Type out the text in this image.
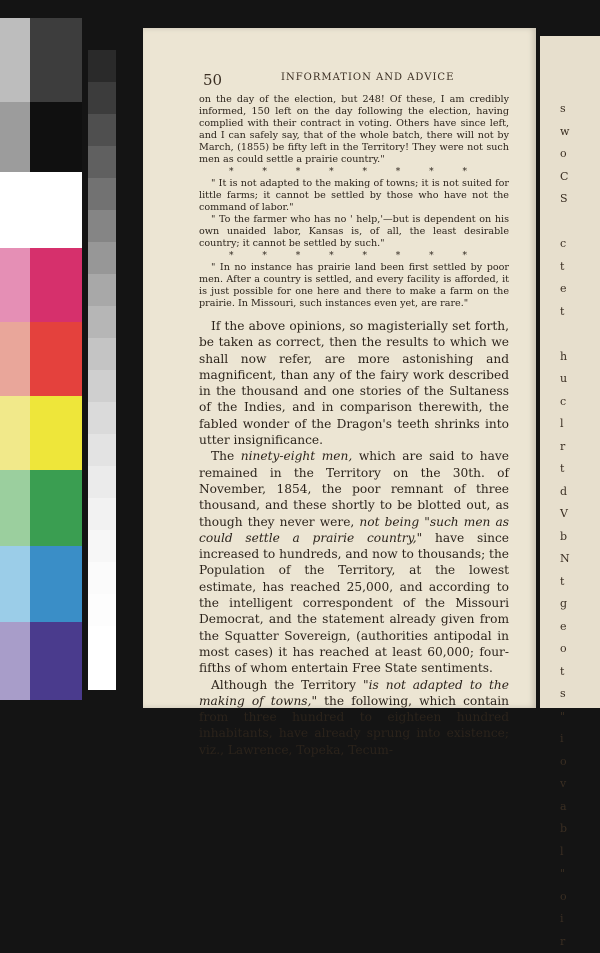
50	INFORMATION AND ADVICE

on the day of the election, but 248! Of these, I am credibly informed, 150 left on the day following the election, having complied with their contract in voting. Others have since left, and I can safely say, that of the whole batch, there will not by March, (1855) be fifty left in the Territory! They were not such men as could settle a prairie country."

* * * * * * * *

" It is not adapted to the making of towns; it is not suited for little farms; it cannot be settled by those who have not the command of labor."

" To the farmer who has no ' help,'—but is dependent on his own unaided labor, Kansas is, of all, the least desirable country; it cannot be settled by such."

* * * * * * * *

" In no instance has prairie land been first settled by poor men. After a country is settled, and every facility is afforded, it is just possible for one here and there to make a farm on the prairie. In Missouri, such instances even yet, are rare."

If the above opinions, so magisterially set forth, be taken as correct, then the results to which we shall now refer, are more astonishing and magnificent, than any of the fairy work described in the thousand and one stories of the Sultaness of the Indies, and in comparison therewith, the fabled wonder of the Dragon's teeth shrinks into utter insignificance.

The ninety-eight men, which are said to have remained in the Territory on the 30th. of November, 1854, the poor remnant of three thousand, and these shortly to be blotted out, as though they never were, not being "such men as could settle a prairie country," have since increased to hundreds, and now to thousands; the Population of the Territory, at the lowest estimate, has reached 25,000, and according to the intelligent correspondent of the Missouri Democrat, and the statement already given from the Squatter Sovereign, (authorities antipodal in most cases) it has reached at least 60,000; four-fifths of whom entertain Free State sentiments.

Although the Territory "is not adapted to the making of towns," the following, which contain from three hundred to eighteen hundred inhabitants, have already sprung into existence; viz., Lawrence, Topeka, Tecum-

s
w
o
C
S

c
t
e
t

h
u
c
l
r
t
d
V
b
N
t
g
e
o
t
s
"
i
o
v
a
b
l
"
o
i
r
